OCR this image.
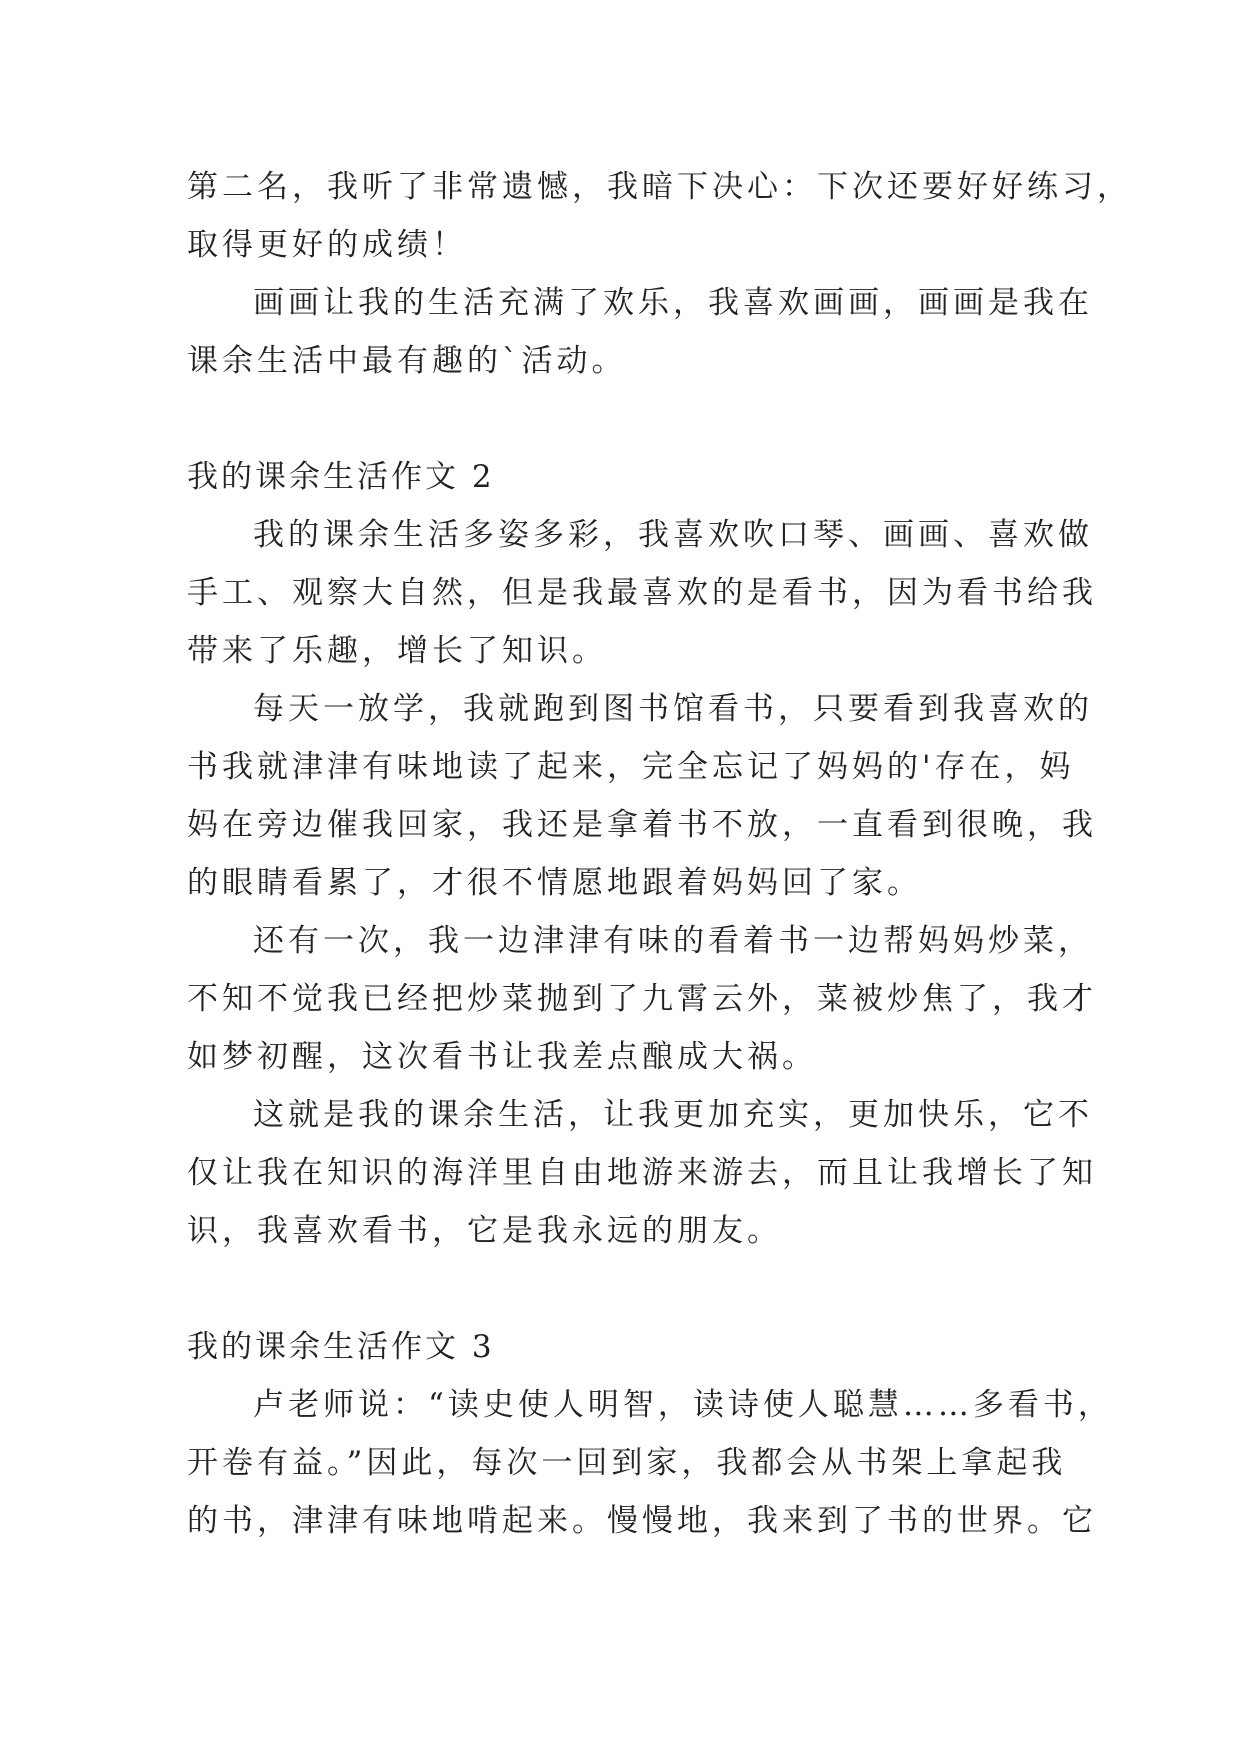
第二名，我听了非常遗憾，我暗下决心：下次还要好好练习，
取得更好的成绩！
画画让我的生活充满了欢乐，我喜欢画画，画画是我在
课余生活中最有趣的`活动。
我的课余生活作文 2
我的课余生活多姿多彩，我喜欢吹口琴、画画、喜欢做
手工、观察大自然，但是我最喜欢的是看书，因为看书给我
带来了乐趣，增长了知识。
每天一放学，我就跑到图书馆看书，只要看到我喜欢的
书我就津津有味地读了起来，完全忘记了妈妈的'存在，妈
妈在旁边催我回家，我还是拿着书不放，一直看到很晚，我
的眼睛看累了，才很不情愿地跟着妈妈回了家。
还有一次，我一边津津有味的看着书一边帮妈妈炒菜，
不知不觉我已经把炒菜抛到了九霄云外，菜被炒焦了，我才
如梦初醒，这次看书让我差点酿成大祸。
这就是我的课余生活，让我更加充实，更加快乐，它不
仅让我在知识的海洋里自由地游来游去，而且让我增长了知
识，我喜欢看书，它是我永远的朋友。
我的课余生活作文 3
卢老师说：“读史使人明智，读诗使人聪慧……多看书，
开卷有益。”因此，每次一回到家，我都会从书架上拿起我
的书，津津有味地啃起来。慢慢地，我来到了书的世界。它
